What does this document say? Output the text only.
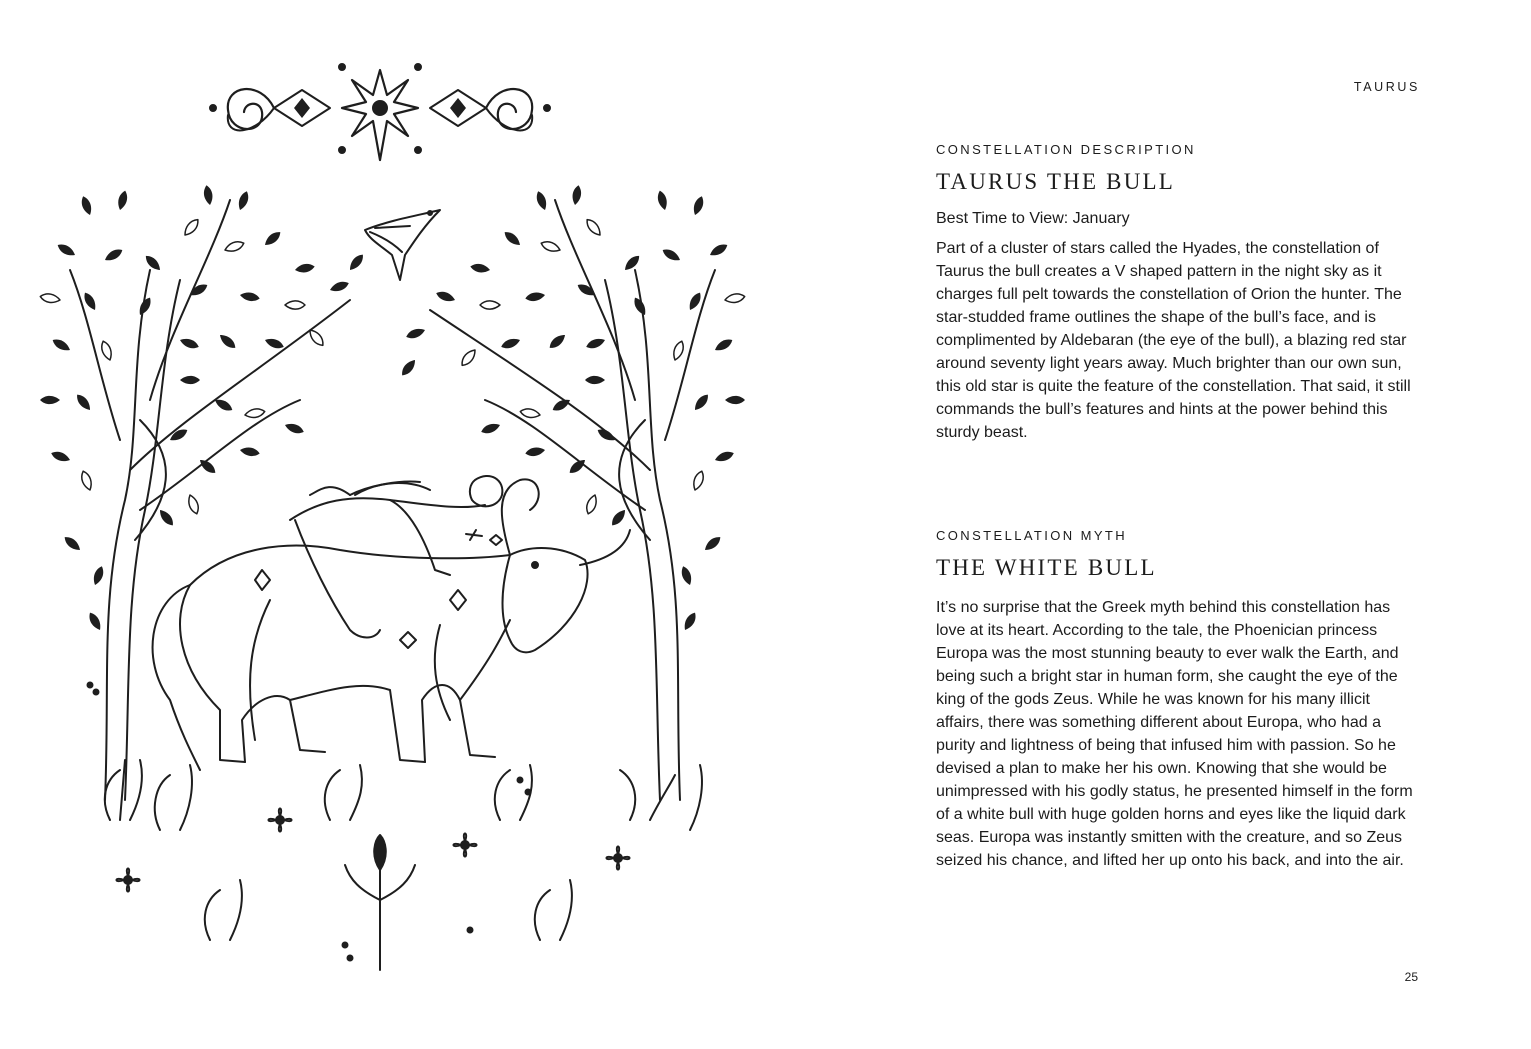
TAURUS
CONSTELLATION DESCRIPTION
TAURUS THE BULL

Best Time to View: January

Part of a cluster of stars called the Hyades, the constellation of Taurus the bull creates a V shaped pattern in the night sky as it charges full pelt towards the constellation of Orion the hunter. The star-studded frame outlines the shape of the bull’s face, and is complimented by Aldebaran (the eye of the bull), a blazing red star around seventy light years away. Much brighter than our own sun, this old star is quite the feature of the constellation. That said, it still commands the bull’s features and hints at the power behind this sturdy beast.

CONSTELLATION MYTH
THE WHITE BULL

It’s no surprise that the Greek myth behind this constellation has love at its heart. According to the tale, the Phoenician princess Europa was the most stunning beauty to ever walk the Earth, and being such a bright star in human form, she caught the eye of the king of the gods Zeus. While he was known for his many illicit affairs, there was something different about Europa, who had a purity and lightness of being that infused him with passion. So he devised a plan to make her his own. Knowing that she would be unimpressed with his godly status, he presented himself in the form of a white bull with huge golden horns and eyes like the liquid dark seas. Europa was instantly smitten with the creature, and so Zeus seized his chance, and lifted her up onto his back, and into the air.

25
